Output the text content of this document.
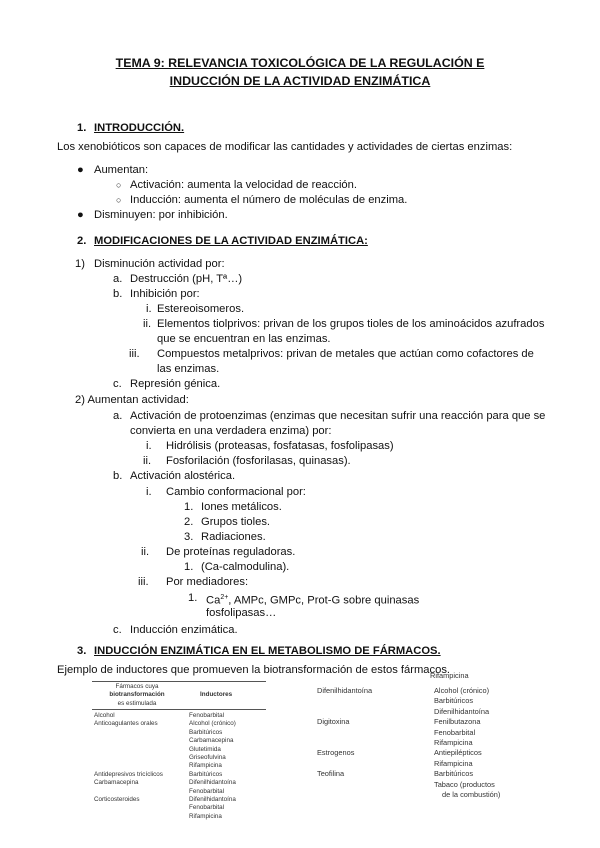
TEMA 9: RELEVANCIA TOXICOLÓGICA DE LA REGULACIÓN E
INDUCCIÓN DE LA ACTIVIDAD ENZIMÁTICA
1. INTRODUCCIÓN.
Los xenobióticos son capaces de modificar las cantidades y actividades de ciertas enzimas:
● Aumentan:
○ Activación: aumenta la velocidad de reacción.
○ Inducción: aumenta el número de moléculas de enzima.
● Disminuyen: por inhibición.
2. MODIFICACIONES DE LA ACTIVIDAD ENZIMÁTICA:
1) Disminución actividad por:
a. Destrucción (pH, Tª…)
b. Inhibición por:
i. Estereoisomeros.
ii. Elementos tiolprivos: privan de los grupos tioles de los aminoácidos azufrados
que se encuentran en las enzimas.
iii. Compuestos metalprivos: privan de metales que actúan como cofactores de
las enzimas.
c. Represión génica.
2) Aumentan actividad:
a. Activación de protoenzimas (enzimas que necesitan sufrir una reacción para que se
convierta en una verdadera enzima) por:
i. Hidrólisis (proteasas, fosfatasas, fosfolipasas)
ii. Fosforilación (fosforilasas, quinasas).
b. Activación alostérica.
i. Cambio conformacional por:
1. Iones metálicos.
2. Grupos tioles.
3. Radiaciones.
ii. De proteínas reguladoras.
1. (Ca-calmodulina).
iii. Por mediadores:
1. $Ca^{2+}$, AMPc, GMPc, Prot-G sobre quinasas
fosfolipasas…
c. Inducción enzimática.
3. INDUCCIÓN ENZIMÁTICA EN EL METABOLISMO DE FÁRMACOS.
Ejemplo de inductores que promueven la biotransformación de estos fármacos.
Fármacos cuya
biotransformación
es estimulada
Inductores
Alcohol
Anticoagulantes orales
Antidepresivos tricíclicos
Carbamacepina
Corticosteroides
Fenobarbital
Alcohol (crónico)
Barbitúricos
Carbamacepina
Glutetimida
Griseofulvina
Rifampicina
Barbitúricos
Difenilhidantoína
Fenobarbital
Difenilhidantoína
Fenobarbital
Rifampicina
Rifampicina
Difenilhidantoína
Digitoxina
Estrogenos
Teofilina
Alcohol (crónico)
Barbitúricos
Difenilhidantoína
Fenilbutazona
Fenobarbital
Rifampicina
Antiepilépticos
Rifampicina
Barbitúricos
Tabaco (productos
de la combustión)
